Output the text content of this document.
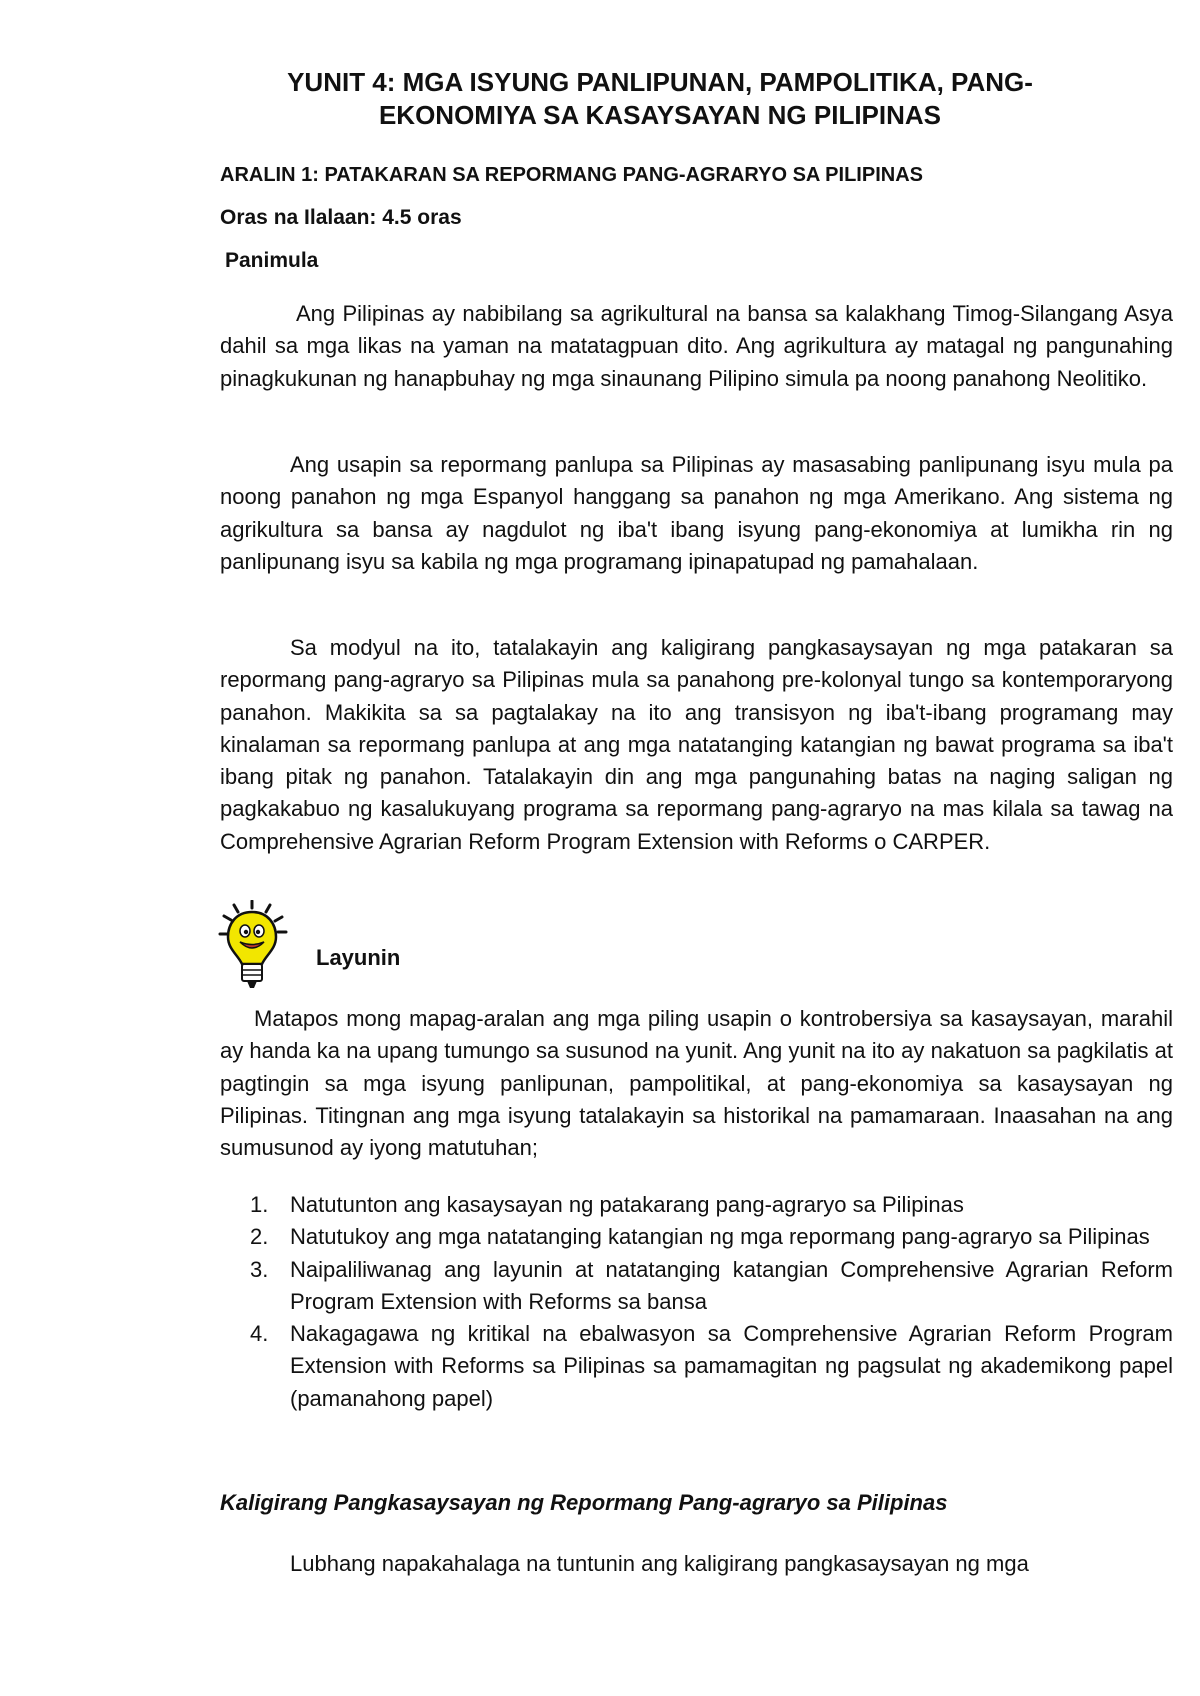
YUNIT 4: MGA ISYUNG PANLIPUNAN, PAMPOLITIKA, PANG-
EKONOMIYA SA KASAYSAYAN NG PILIPINAS
ARALIN 1: PATAKARAN SA REPORMANG PANG-AGRARYO SA PILIPINAS
Oras na Ilalaan: 4.5 oras
Panimula

Ang Pilipinas ay nabibilang sa agrikultural na bansa sa kalakhang Timog-Silangang Asya dahil sa mga likas na yaman na matatagpuan dito. Ang agrikultura ay matagal ng pangunahing pinagkukunan ng hanapbuhay ng mga sinaunang Pilipino simula pa noong panahong Neolitiko.

Ang usapin sa repormang panlupa sa Pilipinas ay masasabing panlipunang isyu mula pa noong panahon ng mga Espanyol hanggang sa panahon ng mga Amerikano. Ang sistema ng agrikultura sa bansa ay nagdulot ng iba't ibang isyung pang-ekonomiya at lumikha rin ng panlipunang isyu sa kabila ng mga programang ipinapatupad ng pamahalaan.

Sa modyul na ito, tatalakayin ang kaligirang pangkasaysayan ng mga patakaran sa repormang pang-agraryo sa Pilipinas mula sa panahong pre-kolonyal tungo sa kontemporaryong panahon. Makikita sa sa pagtalakay na ito ang transisyon ng iba't-ibang programang may kinalaman sa repormang panlupa at ang mga natatanging katangian ng bawat programa sa iba't ibang pitak ng panahon. Tatalakayin din ang mga pangunahing batas na naging saligan ng pagkakabuo ng kasalukuyang programa sa repormang pang-agraryo na mas kilala sa tawag na Comprehensive Agrarian Reform Program Extension with Reforms o CARPER.

Layunin

Matapos mong mapag-aralan ang mga piling usapin o kontrobersiya sa kasaysayan, marahil ay handa ka na upang tumungo sa susunod na yunit. Ang yunit na ito ay nakatuon sa pagkilatis at pagtingin sa mga isyung panlipunan, pampolitikal, at pang-ekonomiya sa kasaysayan ng Pilipinas. Titingnan ang mga isyung tatalakayin sa historikal na pamamaraan. Inaasahan na ang sumusunod ay iyong matutuhan;

1. Natutunton ang kasaysayan ng patakarang pang-agraryo sa Pilipinas
2. Natutukoy ang mga natatanging katangian ng mga repormang pang-agraryo sa Pilipinas
3. Naipaliliwanag ang layunin at natatanging katangian Comprehensive Agrarian Reform Program Extension with Reforms sa bansa
4. Nakagagawa ng kritikal na ebalwasyon sa Comprehensive Agrarian Reform Program Extension with Reforms sa Pilipinas sa pamamagitan ng pagsulat ng akademikong papel (pamanahong papel)
Kaligirang Pangkasaysayan ng Repormang Pang-agraryo sa Pilipinas

Lubhang napakahalaga na tuntunin ang kaligirang pangkasaysayan ng mga
